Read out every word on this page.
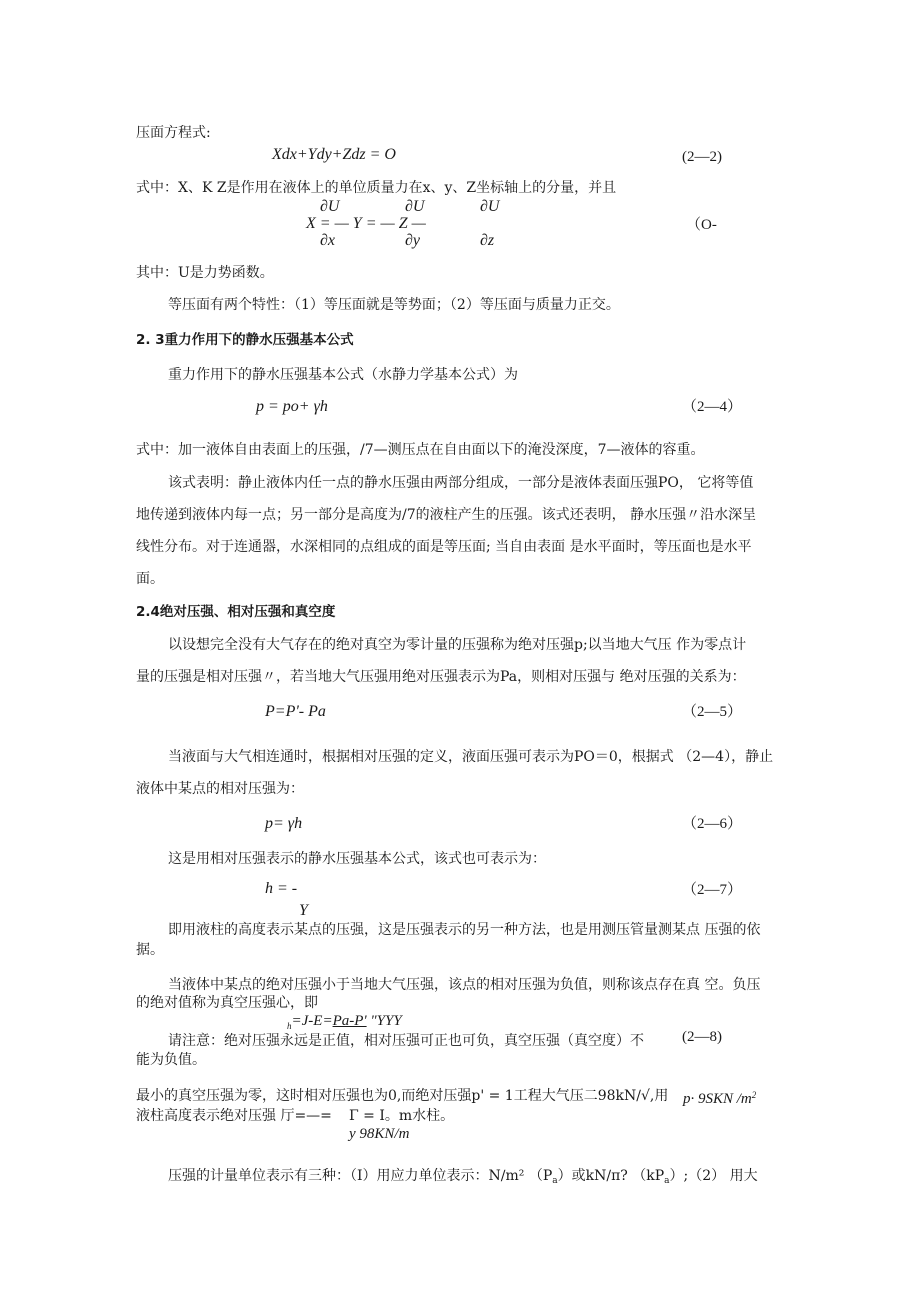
压面方程式:
Xdx+Ydy+Zdz = O	(2—2)
式中：X、K Z是作用在液体上的单位质量力在x、y、Z坐标轴上的分量，并且
∂U	∂U	∂U
X = — Y = — Z —	（O-
∂x	∂y	∂z
其中：U是力势函数。
等压面有两个特性：（1）等压面就是等势面；（2）等压面与质量力正交。
2. 3重力作用下的静水压强基本公式
重力作用下的静水压强基本公式（水静力学基本公式）为
p = po+ γh	（2—4）
式中：加一液体自由表面上的压强，/7—测压点在自由面以下的淹没深度，7—液体的容重。
该式表明：静止液体内任一点的静水压强由两部分组成，一部分是液体表面压强PO， 它将等值
地传递到液体内每一点；另一部分是高度为/7的液柱产生的压强。该式还表明， 静水压强〃沿水深呈
线性分布。对于连通器，水深相同的点组成的面是等压面; 当自由表面 是水平面时，等压面也是水平
面。
2.4绝对压强、相对压强和真空度
以设想完全没有大气存在的绝对真空为零计量的压强称为绝对压强p;以当地大气压 作为零点计
量的压强是相对压强〃，若当地大气压强用绝对压强表示为Pa，则相对压强与 绝对压强的关系为：
P=P'- Pa	（2—5）
当液面与大气相连通时，根据相对压强的定义，液面压强可表示为PO＝0，根据式 （2—4），静止
液体中某点的相对压强为：
p= γh	（2—6）
这是用相对压强表示的静水压强基本公式，该式也可表示为：
h = -	（2—7）
Y
即用液柱的高度表示某点的压强，这是压强表示的另一种方法，也是用测压管量测某点 压强的依
据。
当液体中某点的绝对压强小于当地大气压强，该点的相对压强为负值，则称该点存在真 空。负压
的绝对值称为真空压强心，即
$_h$=J-E=Pa-P' "YYY
请注意：绝对压强永远是正值，相对压强可正也可负，真空压强（真空度）不	(2—8)
能为负值。
最小的真空压强为零，这时相对压强也为0,而绝对压强p' = 1工程大气压二98kN∕√,用 p· 9SKN $/m^2$
液柱高度表示绝对压强 厅=—= Γ = I。m水柱。
y 98KN/m
压强的计量单位表示有三种：（I）用应力单位表示：N∕m² $(P_a)$或kN∕π? $(kP_a);(2)$ 用大
